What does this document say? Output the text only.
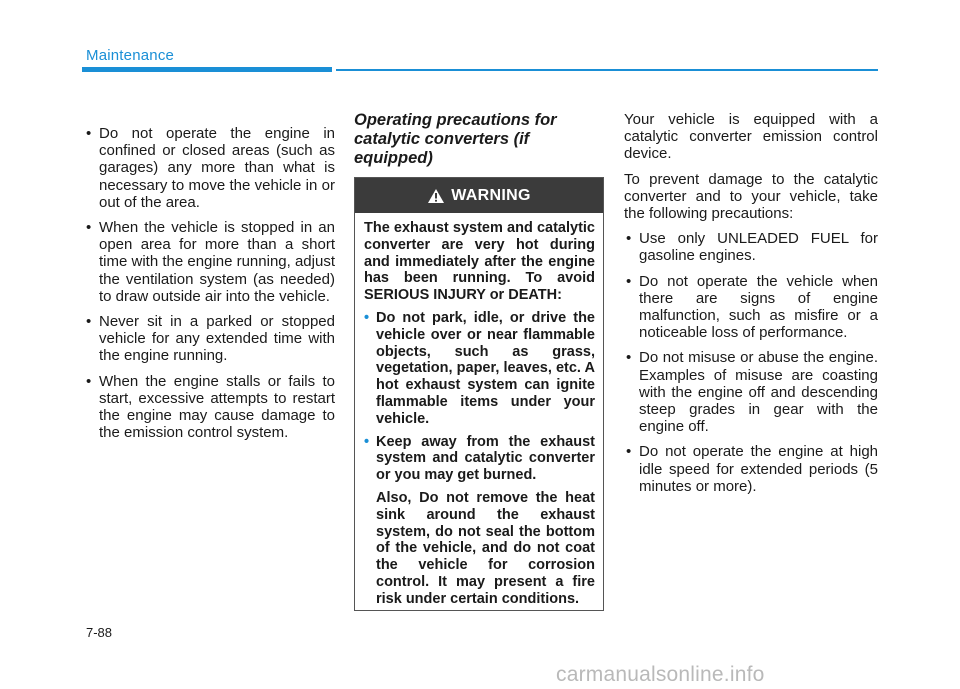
Maintenance
• Do not operate the engine in confined or closed areas (such as garages) any more than what is necessary to move the vehicle in or out of the area.
• When the vehicle is stopped in an open area for more than a short time with the engine running, adjust the ventilation system (as needed) to draw outside air into the vehicle.
• Never sit in a parked or stopped vehicle for any extended time with the engine running.
• When the engine stalls or fails to start, excessive attempts to restart the engine may cause damage to the emission control system.
Operating precautions for catalytic converters (if equipped)
WARNING

The exhaust system and catalytic converter are very hot during and immediately after the engine has been running. To avoid SERIOUS INJURY or DEATH:

• Do not park, idle, or drive the vehicle over or near flammable objects, such as grass, vegetation, paper, leaves, etc. A hot exhaust system can ignite flammable items under your vehicle.
• Keep away from the exhaust system and catalytic converter or you may get burned.

Also, Do not remove the heat sink around the exhaust system, do not seal the bottom of the vehicle, and do not coat the vehicle for corrosion control. It may present a fire risk under certain conditions.

Your vehicle is equipped with a catalytic converter emission control device.

To prevent damage to the catalytic converter and to your vehicle, take the following precautions:

• Use only UNLEADED FUEL for gasoline engines.
• Do not operate the vehicle when there are signs of engine malfunction, such as misfire or a noticeable loss of performance.
• Do not misuse or abuse the engine. Examples of misuse are coasting with the engine off and descending steep grades in gear with the engine off.
• Do not operate the engine at high idle speed for extended periods (5 minutes or more).
7-88
carmanualsonline.info
